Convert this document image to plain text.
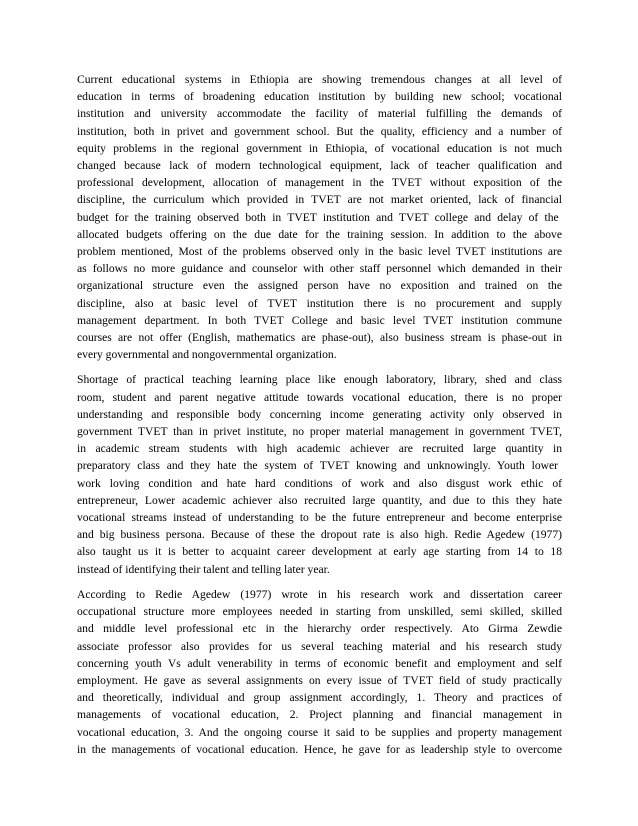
Current educational systems in Ethiopia are showing tremendous changes at all level of
education in terms of broadening education institution by building new school; vocational
institution and university accommodate the facility of material fulfilling the demands of
institution, both in privet and government school. But the quality, efficiency and a number of
equity problems in the regional government in Ethiopia, of vocational education is not much
changed because lack of modern technological equipment, lack of teacher qualification and
professional development, allocation of management in the TVET without exposition of the
discipline, the curriculum which provided in TVET are not market oriented, lack of financial
budget for the training observed both in TVET institution and TVET college and delay of the
allocated budgets offering on the due date for the training session. In addition to the above
problem mentioned, Most of the problems observed only in the basic level TVET institutions are
as follows no more guidance and counselor with other staff personnel which demanded in their
organizational structure even the assigned person have no exposition and trained on the
discipline, also at basic level of TVET institution there is no procurement and supply
management department. In both TVET College and basic level TVET institution commune
courses are not offer (English, mathematics are phase-out), also business stream is phase-out in
every governmental and nongovernmental organization.
Shortage of practical teaching learning place like enough laboratory, library, shed and class
room, student and parent negative attitude towards vocational education, there is no proper
understanding and responsible body concerning income generating activity only observed in
government TVET than in privet institute, no proper material management in government TVET,
in academic stream students with high academic achiever are recruited large quantity in
preparatory class and they hate the system of TVET knowing and unknowingly. Youth lower
work loving condition and hate hard conditions of work and also disgust work ethic of
entrepreneur, Lower academic achiever also recruited large quantity, and due to this they hate
vocational streams instead of understanding to be the future entrepreneur and become enterprise
and big business persona. Because of these the dropout rate is also high. Redie Agedew (1977)
also taught us it is better to acquaint career development at early age starting from 14 to 18
instead of identifying their talent and telling later year.
According to Redie Agedew (1977) wrote in his research work and dissertation career
occupational structure more employees needed in starting from unskilled, semi skilled, skilled
and middle level professional etc in the hierarchy order respectively. Ato Girma Zewdie
associate professor also provides for us several teaching material and his research study
concerning youth Vs adult venerability in terms of economic benefit and employment and self
employment. He gave as several assignments on every issue of TVET field of study practically
and theoretically, individual and group assignment accordingly, 1. Theory and practices of
managements of vocational education, 2. Project planning and financial management in
vocational education, 3. And the ongoing course it said to be supplies and property management
in the managements of vocational education. Hence, he gave for as leadership style to overcome
